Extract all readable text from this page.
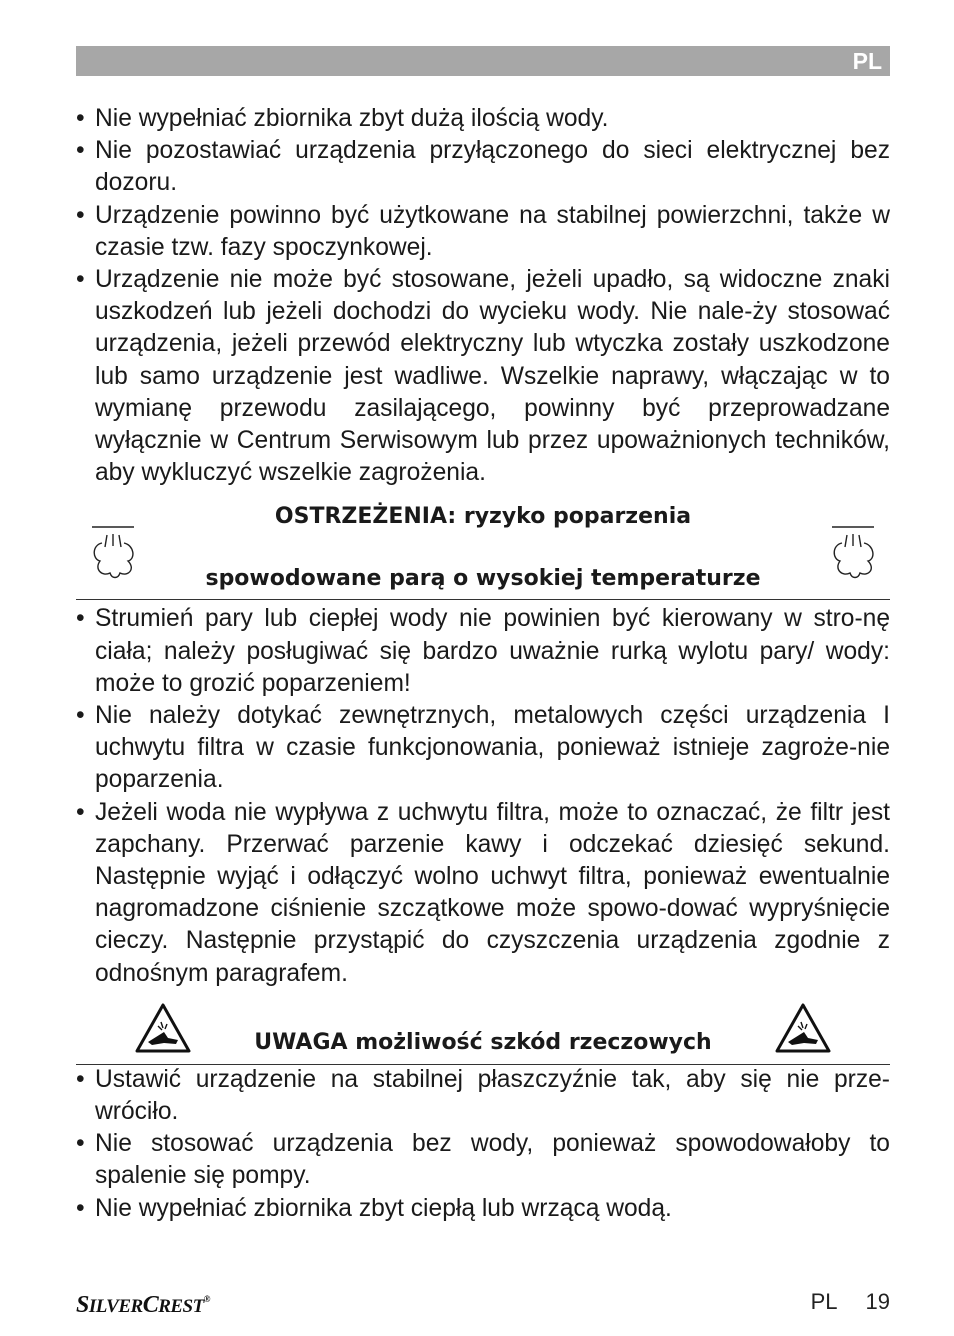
PL
• Nie wypełniać zbiornika zbyt dużą ilością wody.
• Nie pozostawiać urządzenia przyłączonego do sieci elektrycznej bez dozoru.
• Urządzenie powinno być użytkowane na stabilnej powierzchni, także w czasie tzw. fazy spoczynkowej.
• Urządzenie nie może być stosowane, jeżeli upadło, są widoczne znaki uszkodzeń lub jeżeli dochodzi do wycieku wody. Nie nale-ży stosować urządzenia, jeżeli przewód elektryczny lub wtyczka zostały uszkodzone lub samo urządzenie jest wadliwe. Wszelkie naprawy, włączając w to wymianę przewodu zasilającego, powinny być przeprowadzane wyłącznie w Centrum Serwisowym lub przez upoważnionych techników, aby wykluczyć wszelkie zagrożenia.
OSTRZEŻENIA: ryzyko poparzenia
spowodowane parą o wysokiej temperaturze
• Strumień pary lub ciepłej wody nie powinien być kierowany w stro-nę ciała; należy posługiwać się bardzo uważnie rurką wylotu pary/ wody: może to grozić poparzeniem!
• Nie należy dotykać zewnętrznych, metalowych części urządzenia I uchwytu filtra w czasie funkcjonowania, ponieważ istnieje zagroże-nie poparzenia.
• Jeżeli woda nie wypływa z uchwytu filtra, może to oznaczać, że filtr jest zapchany. Przerwać parzenie kawy i odczekać dziesięć sekund. Następnie wyjąć i odłączyć wolno uchwyt filtra, ponieważ ewentualnie nagromadzone ciśnienie szczątkowe może spowo-dować wypryśnięcie cieczy. Następnie przystąpić do czyszczenia urządzenia zgodnie z odnośnym paragrafem.
UWAGA możliwość szkód rzeczowych
• Ustawić urządzenie na stabilnej płaszczyźnie tak, aby się nie prze-wróciło.
• Nie stosować urządzenia bez wody, ponieważ spowodowałoby to spalenie się pompy.
• Nie wypełniać zbiornika zbyt ciepłą lub wrzącą wodą.
SILVERCREST®	PL 19
